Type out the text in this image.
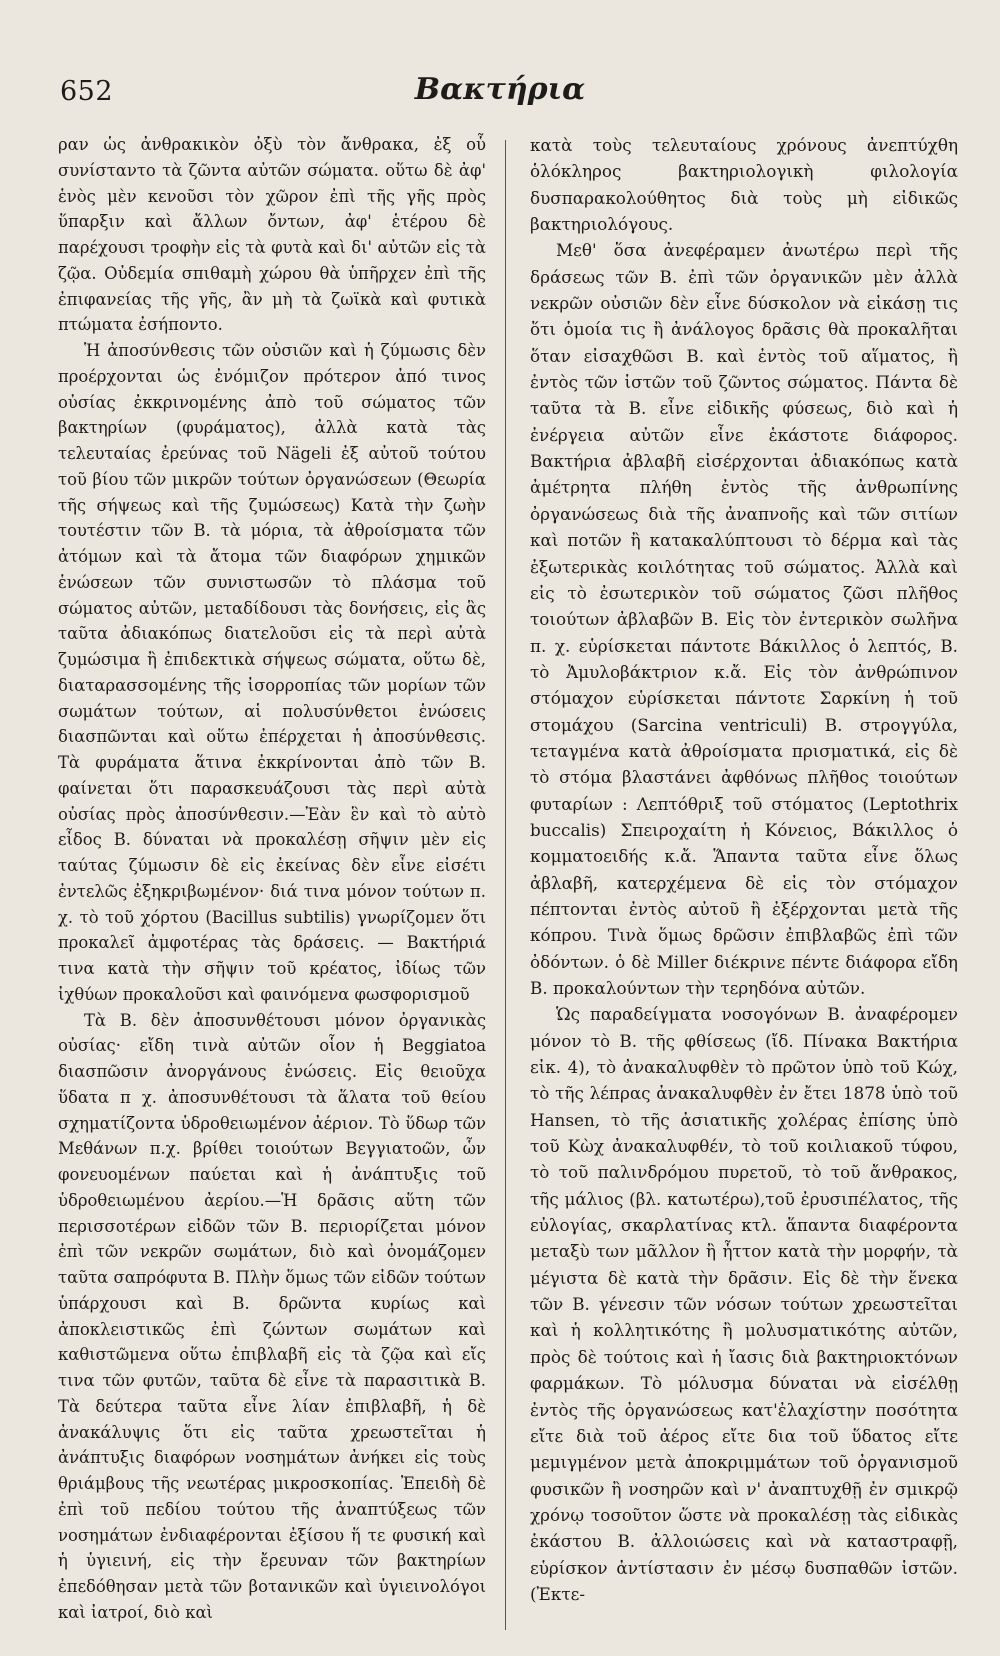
652	Βακτήρια

ραν ὡς ἀνθρακικὸν ὀξὺ τὸν ἄνθρακα, ἐξ οὗ συνίσταντο τὰ ζῶντα αὐτῶν σώματα. οὕτω δὲ ἀφ' ἑνὸς μὲν κενοῦσι τὸν χῶρον ἐπὶ τῆς γῆς πρὸς ὕπαρξιν καὶ ἄλλων ὄντων, ἀφ' ἑτέρου δὲ παρέχουσι τροφὴν εἰς τὰ φυτὰ καὶ δι' αὐτῶν εἰς τὰ ζῷα. Οὐδεμία σπιθαμὴ χώρου θὰ ὑπῆρχεν ἐπὶ τῆς ἐπιφανείας τῆς γῆς, ἂν μὴ τὰ ζωϊκὰ καὶ φυτικὰ πτώματα ἐσήποντο.

Ἡ ἀποσύνθεσις τῶν οὐσιῶν καὶ ἡ ζύμωσις δὲν προέρχονται ὡς ἐνόμιζον πρότερον ἀπό τινος οὐσίας ἐκκρινομένης ἀπὸ τοῦ σώματος τῶν βακτηρίων (φυράματος), ἀλλὰ κατὰ τὰς τελευταίας ἐρεύνας τοῦ Nägeli ἐξ αὐτοῦ τούτου τοῦ βίου τῶν μικρῶν τούτων ὀργανώσεων (Θεωρία τῆς σήψεως καὶ τῆς ζυμώσεως) Κατὰ τὴν ζωὴν τουτέστιν τῶν Β. τὰ μόρια, τὰ ἀθροίσματα τῶν ἀτόμων καὶ τὰ ἄτομα τῶν διαφόρων χημικῶν ἑνώσεων τῶν συνιστωσῶν τὸ πλάσμα τοῦ σώματος αὐτῶν, μεταδίδουσι τὰς δονήσεις, εἰς ἃς ταῦτα ἀδιακόπως διατελοῦσι εἰς τὰ περὶ αὐτὰ ζυμώσιμα ἢ ἐπιδεκτικὰ σήψεως σώματα, οὕτω δὲ, διαταρασσομένης τῆς ἰσορροπίας τῶν μορίων τῶν σωμάτων τούτων, αἱ πολυσύνθετοι ἑνώσεις διασπῶνται καὶ οὕτω ἐπέρχεται ἡ ἀποσύνθεσις. Τὰ φυράματα ἅτινα ἐκκρίνονται ἀπὸ τῶν Β. φαίνεται ὅτι παρασκευάζουσι τὰς περὶ αὐτὰ οὐσίας πρὸς ἀποσύνθεσιν.—Ἐὰν ἓν καὶ τὸ αὐτὸ εἶδος Β. δύναται νὰ προκαλέσῃ σῆψιν μὲν εἰς ταύτας ζύμωσιν δὲ εἰς ἐκείνας δὲν εἶνε εἰσέτι ἐντελῶς ἐξηκριβωμένον· διά τινα μόνον τούτων π. χ. τὸ τοῦ χόρτου (Bacillus subtilis) γνωρίζομεν ὅτι προκαλεῖ ἀμφοτέρας τὰς δράσεις. — Βακτήριά τινα κατὰ τὴν σῆψιν τοῦ κρέατος, ἰδίως τῶν ἰχθύων προκαλοῦσι καὶ φαινόμενα φωσφορισμοῦ

Τὰ Β. δὲν ἀποσυνθέτουσι μόνον ὀργανικὰς οὐσίας· εἴδη τινὰ αὐτῶν οἷον ἡ Beggiatoa διασπῶσιν ἀνοργάνους ἑνώσεις. Εἰς θειοῦχα ὕδατα π χ. ἀποσυνθέτουσι τὰ ἅλατα τοῦ θείου σχηματίζοντα ὑδροθειωμένον ἀέριον. Τὸ ὕδωρ τῶν Μεθάνων π.χ. βρίθει τοιούτων Βεγγιατοῶν, ὧν φονευομένων παύεται καὶ ἡ ἀνάπτυξις τοῦ ὑδροθειωμένου ἀερίου.—Ἡ δρᾶσις αὕτη τῶν περισσοτέρων εἰδῶν τῶν Β. περιορίζεται μόνον ἐπὶ τῶν νεκρῶν σωμάτων, διὸ καὶ ὀνομάζομεν ταῦτα σαπρόφυτα Β. Πλὴν ὅμως τῶν εἰδῶν τούτων ὑπάρχουσι καὶ Β. δρῶντα κυρίως καὶ ἀποκλειστικῶς ἐπὶ ζώντων σωμάτων καὶ καθιστῶμενα οὕτω ἐπιβλαβῆ εἰς τὰ ζῷα καὶ εἴς τινα τῶν φυτῶν, ταῦτα δὲ εἶνε τὰ παρασιτικὰ Β. Τὰ δεύτερα ταῦτα εἶνε λίαν ἐπιβλαβῆ, ἡ δὲ ἀνακάλυψις ὅτι εἰς ταῦτα χρεωστεῖται ἡ ἀνάπτυξις διαφόρων νοσημάτων ἀνήκει εἰς τοὺς θριάμβους τῆς νεωτέρας μικροσκοπίας. Ἐπειδὴ δὲ ἐπὶ τοῦ πεδίου τούτου τῆς ἀναπτύξεως τῶν νοσημάτων ἐνδιαφέρονται ἐξίσου ἥ τε φυσική καὶ ἡ ὑγιεινή, εἰς τὴν ἔρευναν τῶν βακτηρίων ἐπεδόθησαν μετὰ τῶν βοτανικῶν καὶ ὑγιεινολόγοι καὶ ἰατροί, διὸ καὶ

κατὰ τοὺς τελευταίους χρόνους ἀνεπτύχθη ὁλόκληρος βακτηριολογικὴ φιλολογία δυσπαρακολούθητος διὰ τοὺς μὴ εἰδικῶς βακτηριολόγους.

Μεθ' ὅσα ἀνεφέραμεν ἀνωτέρω περὶ τῆς δράσεως τῶν Β. ἐπὶ τῶν ὀργανικῶν μὲν ἀλλὰ νεκρῶν οὐσιῶν δὲν εἶνε δύσκολον νὰ εἰκάσῃ τις ὅτι ὁμοία τις ἢ ἀνάλογος δρᾶσις θὰ προκαλῆται ὅταν εἰσαχθῶσι Β. καὶ ἐντὸς τοῦ αἵματος, ἢ ἐντὸς τῶν ἱστῶν τοῦ ζῶντος σώματος. Πάντα δὲ ταῦτα τὰ Β. εἶνε εἰδικῆς φύσεως, διὸ καὶ ἡ ἐνέργεια αὐτῶν εἶνε ἑκάστοτε διάφορος. Βακτήρια ἀβλαβῆ εἰσέρχονται ἀδιακόπως κατὰ ἀμέτρητα πλήθη ἐντὸς τῆς ἀνθρωπίνης ὀργανώσεως διὰ τῆς ἀναπνοῆς καὶ τῶν σιτίων καὶ ποτῶν ἢ κατακαλύπτουσι τὸ δέρμα καὶ τὰς ἐξωτερικὰς κοιλότητας τοῦ σώματος. Ἀλλὰ καὶ εἰς τὸ ἐσωτερικὸν τοῦ σώματος ζῶσι πλῆθος τοιούτων ἀβλαβῶν Β. Εἰς τὸν ἐντερικὸν σωλῆνα π. χ. εὑρίσκεται πάντοτε Βάκιλλος ὁ λεπτός, Β. τὸ Ἀμυλοβάκτριον κ.ἄ. Εἰς τὸν ἀνθρώπινον στόμαχον εὑρίσκεται πάντοτε Σαρκίνη ἡ τοῦ στομάχου (Sarcina ventriculi) Β. στρογγύλα, τεταγμένα κατὰ ἀθροίσματα πρισματικά, εἰς δὲ τὸ στόμα βλαστάνει ἀφθόνως πλῆθος τοιούτων φυταρίων : Λεπτόθριξ τοῦ στόματος (Leptothrix buccalis) Σπειροχαίτη ἡ Κόνειος, Βάκιλλος ὁ κομματοειδής κ.ἄ. Ἅπαντα ταῦτα εἶνε ὅλως ἀβλαβῆ, κατερχέμενα δὲ εἰς τὸν στόμαχον πέπτονται ἐντὸς αὐτοῦ ἢ ἐξέρχονται μετὰ τῆς κόπρου. Τινὰ ὅμως δρῶσιν ἐπιβλαβῶς ἐπὶ τῶν ὀδόντων. ὁ δὲ Miller διέκρινε πέντε διάφορα εἴδη Β. προκαλούντων τὴν τερηδόνα αὐτῶν.

Ὡς παραδείγματα νοσογόνων Β. ἀναφέρομεν μόνον τὸ Β. τῆς φθίσεως (ἴδ. Πίνακα Βακτήρια εἰκ. 4), τὸ ἀνακαλυφθὲν τὸ πρῶτον ὑπὸ τοῦ Κώχ, τὸ τῆς λέπρας ἀνακαλυφθὲν ἐν ἔτει 1878 ὑπὸ τοῦ Hansen, τὸ τῆς ἀσιατικῆς χολέρας ἐπίσης ὑπὸ τοῦ Κὼχ ἀνακαλυφθέν, τὸ τοῦ κοιλιακοῦ τύφου, τὸ τοῦ παλινδρόμου πυρετοῦ, τὸ τοῦ ἄνθρακος, τῆς μάλιος (βλ. κατωτέρω),τοῦ ἐρυσιπέλατος, τῆς εὐλογίας, σκαρλατίνας κτλ. ἅπαντα διαφέροντα μεταξὺ των μᾶλλον ἢ ἧττον κατὰ τὴν μορφήν, τὰ μέγιστα δὲ κατὰ τὴν δρᾶσιν. Εἰς δὲ τὴν ἕνεκα τῶν Β. γένεσιν τῶν νόσων τούτων χρεωστεῖται καὶ ἡ κολλητικότης ἢ μολυσματικότης αὐτῶν, πρὸς δὲ τούτοις καὶ ἡ ἴασις διὰ βακτηριοκτόνων φαρμάκων. Τὸ μόλυσμα δύναται νὰ εἰσέλθῃ ἐντὸς τῆς ὀργανώσεως κατ'ἐλαχίστην ποσότητα εἴτε διὰ τοῦ ἀέρος εἴτε δια τοῦ ὕδατος εἴτε μεμιγμένον μετὰ ἀποκριμμάτων τοῦ ὀργανισμοῦ φυσικῶν ἢ νοσηρῶν καὶ ν' ἀναπτυχθῇ ἐν σμικρῷ χρόνῳ τοσοῦτον ὥστε νὰ προκαλέσῃ τὰς εἰδικὰς ἑκάστου Β. ἀλλοιώσεις καὶ νὰ καταστραφῇ, εὑρίσκον ἀντίστασιν ἐν μέσῳ δυσπαθῶν ἱστῶν. (Ἐκτε-
